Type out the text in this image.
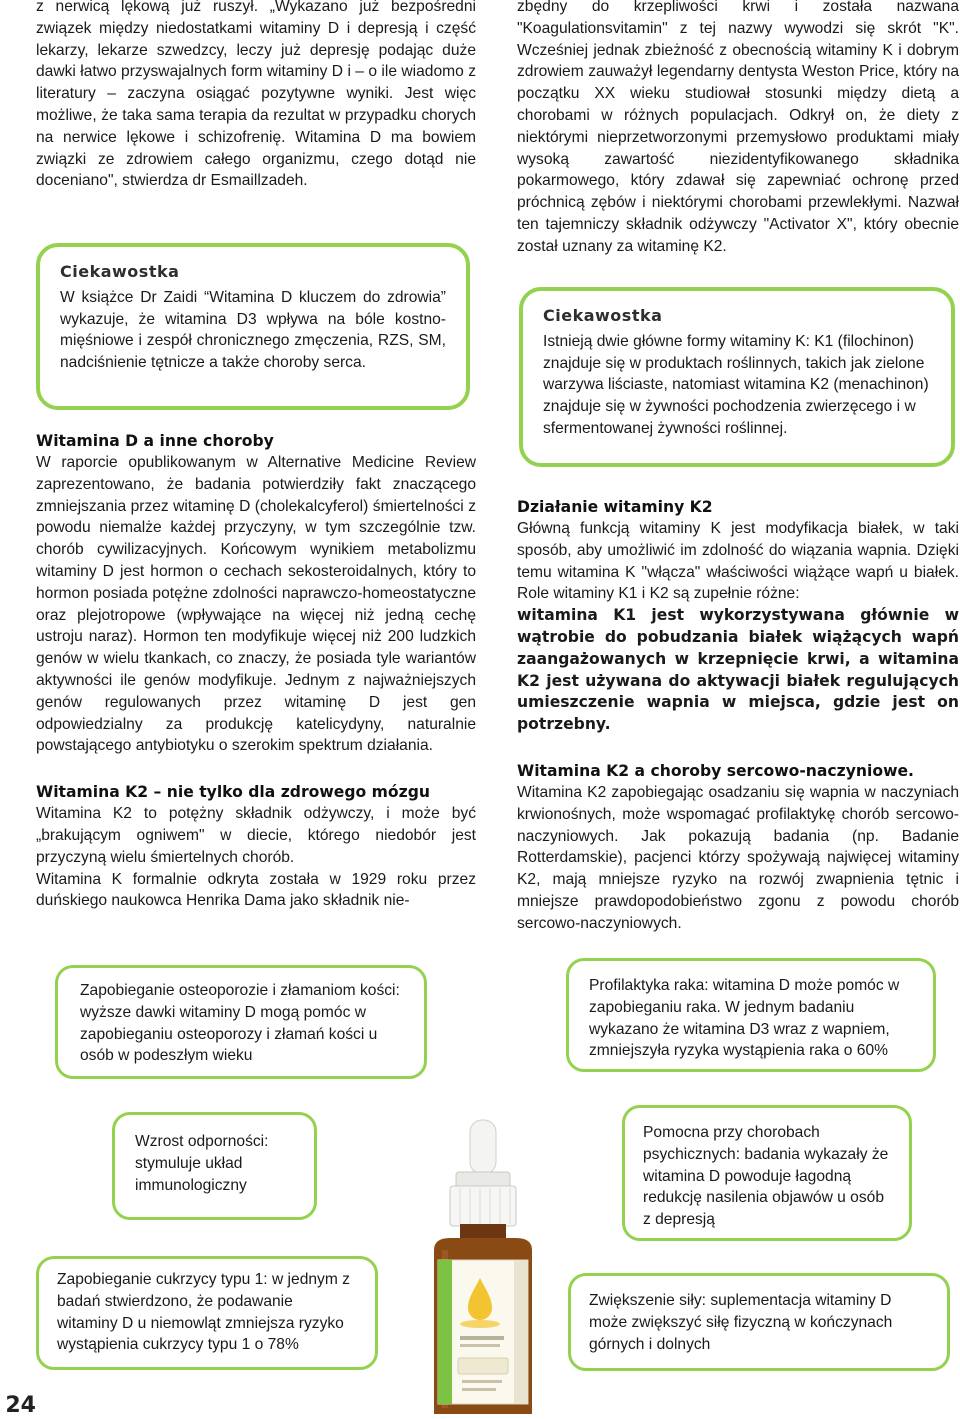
z nerwicą lękową już ruszył. „Wykazano już bezpośredni związek między niedostatkami witaminy D i depresją i część lekarzy, lekarze szwedzcy, leczy już depresję podając duże dawki łatwo przyswajalnych form witaminy D i – o ile wiadomo z literatury – zaczyna osiągać pozytywne wyniki. Jest więc możliwe, że taka sama terapia da rezultat w przypadku chorych na nerwice lękowe i schizofrenię. Witamina D ma bowiem związki ze zdrowiem całego organizmu, czego dotąd nie doceniano", stwierdza dr Esmaillzadeh.

Ciekawostka

W książce Dr Zaidi “Witamina D kluczem do zdrowia” wykazuje, że witamina D3 wpływa na bóle kostno-mięśniowe i zespół chronicznego zmęczenia, RZS, SM, nadciśnienie tętnicze a także choroby serca.

Witamina D a inne choroby

W raporcie opublikowanym w Alternative Medicine Review zaprezentowano, że badania potwierdziły fakt znaczącego zmniejszania przez witaminę D (cholekalcyferol) śmiertelności z powodu niemalże każdej przyczyny, w tym szczególnie tzw. chorób cywilizacyjnych. Końcowym wynikiem metabolizmu witaminy D jest hormon o cechach sekosteroidalnych, który to hormon posiada potężne zdolności naprawczo-homeostatyczne oraz plejotropowe (wpływające na więcej niż jedną cechę ustroju naraz). Hormon ten modyfikuje więcej niż 200 ludzkich genów w wielu tkankach, co znaczy, że posiada tyle wariantów aktywności ile genów modyfikuje. Jednym z najważniejszych genów regulowanych przez witaminę D jest gen odpowiedzialny za produkcję katelicydyny, naturalnie powstającego antybiotyku o szerokim spektrum działania.

Witamina K2 – nie tylko dla zdrowego mózgu

Witamina K2 to potężny składnik odżywczy, i może być „brakującym ogniwem" w diecie, którego niedobór jest przyczyną wielu śmiertelnych chorób.

Witamina K formalnie odkryta została w 1929 roku przez duńskiego naukowca Henrika Dama jako składnik nie-

zbędny do krzepliwości krwi i została nazwana "Koagulationsvitamin" z tej nazwy wywodzi się skrót "K". Wcześniej jednak zbieżność z obecnością witaminy K i dobrym zdrowiem zauważył legendarny dentysta Weston Price, który na początku XX wieku studiował stosunki między dietą a chorobami w różnych populacjach. Odkrył on, że diety z niektórymi nieprzetworzonymi przemysłowo produktami miały wysoką zawartość niezidentyfikowanego składnika pokarmowego, który zdawał się zapewniać ochronę przed próchnicą zębów i niektórymi chorobami przewlekłymi. Nazwał ten tajemniczy składnik odżywczy "Activator X", który obecnie został uznany za witaminę K2.

Ciekawostka

Istnieją dwie główne formy witaminy K: K1 (filochinon) znajduje się w produktach roślinnych, takich jak zielone warzywa liściaste, natomiast witamina K2 (menachinon) znajduje się w żywności pochodzenia zwierzęcego i w sfermentowanej żywności roślinnej.

Działanie witaminy K2

Główną funkcją witaminy K jest modyfikacja białek, w taki sposób, aby umożliwić im zdolność do wiązania wapnia. Dzięki temu witamina K "włącza" właściwości wiążące wapń u białek. Role witaminy K1 i K2 są zupełnie różne:

witamina K1 jest wykorzystywana głównie w wątrobie do pobudzania białek wiążących wapń zaangażowanych w krzepnięcie krwi, a witamina K2 jest używana do aktywacji białek regulujących umieszczenie wapnia w miejsca, gdzie jest on potrzebny.

Witamina K2 a choroby sercowo-naczyniowe.

Witamina K2 zapobiegając osadzaniu się wapnia w naczyniach krwionośnych, może wspomagać profilaktykę chorób sercowo-naczyniowych. Jak pokazują badania (np. Badanie Rotterdamskie), pacjenci którzy spożywają najwięcej witaminy K2, mają mniejsze ryzyko na rozwój zwapnienia tętnic i mniejsze prawdopodobieństwo zgonu z powodu chorób sercowo-naczyniowych.

Zapobieganie osteoporozie i złamaniom kości: wyższe dawki witaminy D mogą pomóc w zapobieganiu osteoporozy i złamań kości u osób w podeszłym wieku

Profilaktyka raka: witamina D może pomóc w zapobieganiu raka. W jednym badaniu wykazano że witamina D3 wraz z wapniem, zmniejszyła ryzyka wystąpienia raka o 60%

Wzrost odporności: stymuluje układ immunologiczny

Pomocna przy chorobach psychicznych: badania wykazały że witamina D powoduje łagodną redukcję nasilenia objawów u osób z depresją

Zapobieganie cukrzycy typu 1: w jednym z badań stwierdzono, że podawanie witaminy D u niemowląt zmniejsza ryzyko wystąpienia cukrzycy typu 1 o 78%

Zwiększenie siły: suplementacja witaminy D może zwiększyć siłę fizyczną w kończynach górnych i dolnych

24
